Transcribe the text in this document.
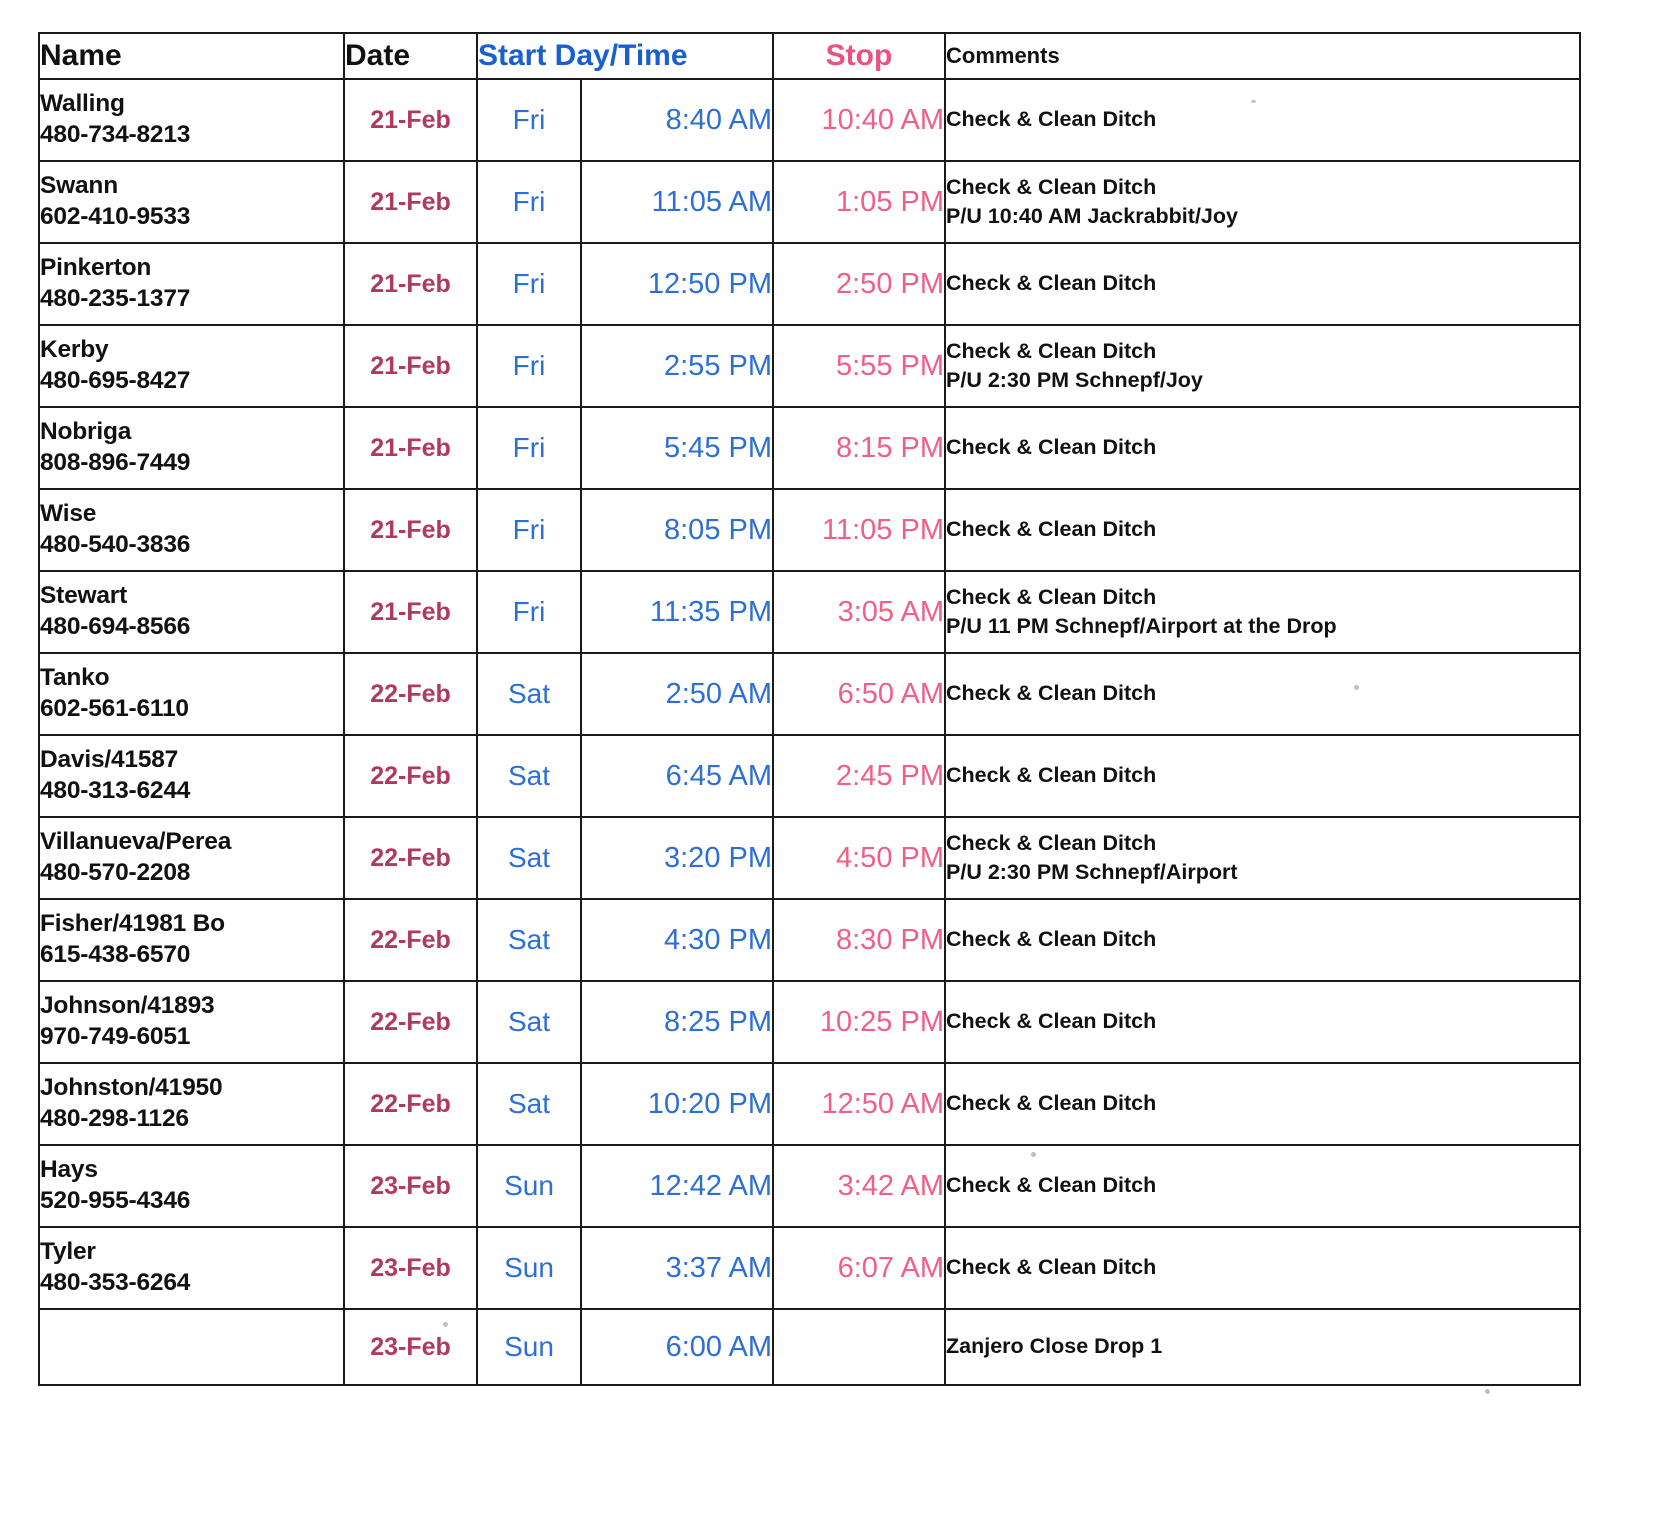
Name	Date	Start Day/Time		Stop	Comments

Walling
480-734-8213	21-Feb	Fri	8:40 AM	10:40 AM	Check & Clean Ditch

Swann
602-410-9533	21-Feb	Fri	11:05 AM	1:05 PM	Check & Clean Ditch
P/U 10:40 AM Jackrabbit/Joy

Pinkerton
480-235-1377	21-Feb	Fri	12:50 PM	2:50 PM	Check & Clean Ditch

Kerby
480-695-8427	21-Feb	Fri	2:55 PM	5:55 PM	Check & Clean Ditch
P/U 2:30 PM Schnepf/Joy

Nobriga
808-896-7449	21-Feb	Fri	5:45 PM	8:15 PM	Check & Clean Ditch

Wise
480-540-3836	21-Feb	Fri	8:05 PM	11:05 PM	Check & Clean Ditch

Stewart
480-694-8566	21-Feb	Fri	11:35 PM	3:05 AM	Check & Clean Ditch
P/U 11 PM Schnepf/Airport at the Drop

Tanko
602-561-6110	22-Feb	Sat	2:50 AM	6:50 AM	Check & Clean Ditch

Davis/41587
480-313-6244	22-Feb	Sat	6:45 AM	2:45 PM	Check & Clean Ditch

Villanueva/Perea
480-570-2208	22-Feb	Sat	3:20 PM	4:50 PM	Check & Clean Ditch
P/U 2:30 PM Schnepf/Airport

Fisher/41981 Bo
615-438-6570	22-Feb	Sat	4:30 PM	8:30 PM	Check & Clean Ditch

Johnson/41893
970-749-6051	22-Feb	Sat	8:25 PM	10:25 PM	Check & Clean Ditch

Johnston/41950
480-298-1126	22-Feb	Sat	10:20 PM	12:50 AM	Check & Clean Ditch

Hays
520-955-4346	23-Feb	Sun	12:42 AM	3:42 AM	Check & Clean Ditch

Tyler
480-353-6264	23-Feb	Sun	3:37 AM	6:07 AM	Check & Clean Ditch

	23-Feb	Sun	6:00 AM		Zanjero Close Drop 1
